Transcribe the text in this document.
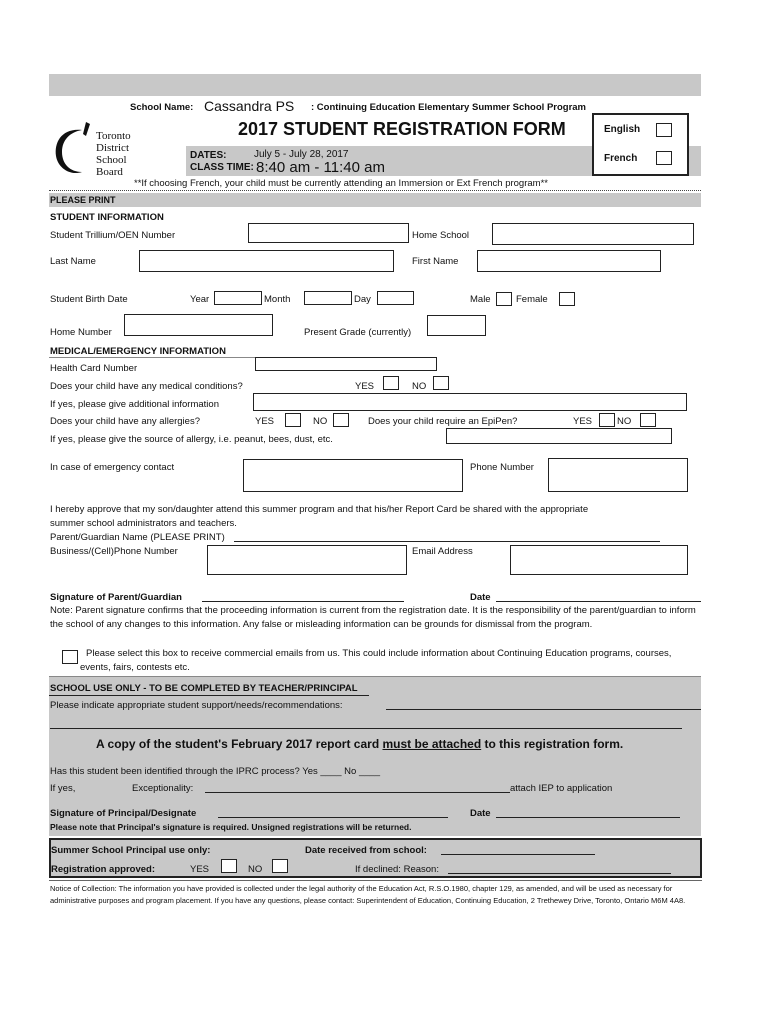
Toronto
District
School
Board
School Name: Cassandra PS : Continuing Education Elementary Summer School Program
2017 STUDENT REGISTRATION FORM
DATES:	July 5 - July 28, 2017
CLASS TIME: 8:40 am - 11:40 am
**If choosing French, your child must be currently attending an Immersion or Ext French program**
English
French
PLEASE PRINT
STUDENT INFORMATION
Student Trillium/OEN Number	Home School
Last Name	First Name
Student Birth Date	Year	Month	Day	Male	Female
Home Number	Present Grade (currently)
MEDICAL/EMERGENCY INFORMATION
Health Card Number
Does your child have any medical conditions?	YES	NO
If yes, please give additional information
Does your child have any allergies?	YES	NO	Does your child require an EpiPen?	YES	NO
If yes, please give the source of allergy, i.e. peanut, bees, dust, etc.
In case of emergency contact	Phone Number
I hereby approve that my son/daughter attend this summer program and that his/her Report Card be shared with the appropriate
summer school administrators and teachers.
Parent/Guardian Name (PLEASE PRINT)
Business/(Cell)Phone Number	Email Address
Signature of Parent/Guardian	Date
Note: Parent signature confirms that the proceeding information is current from the registration date. It is the responsibility of the parent/guardian to inform the school of any changes to this information. Any false or misleading information can be grounds for dismissal from the program.
Please select this box to receive commercial emails from us. This could include information about Continuing Education programs, courses, events, fairs, contests etc.
SCHOOL USE ONLY - TO BE COMPLETED BY TEACHER/PRINCIPAL
Please indicate appropriate student support/needs/recommendations:
A copy of the student's February 2017 report card must be attached to this registration form.
Has this student been identified through the IPRC process? Yes ____ No ____
If yes,	Exceptionality:	attach IEP to application
Signature of Principal/Designate	Date
Please note that Principal's signature is required. Unsigned registrations will be returned.
Summer School Principal use only:	Date received from school:
Registration approved:	YES	NO	If declined: Reason:
Notice of Collection: The information you have provided is collected under the legal authority of the Education Act, R.S.O.1980, chapter 129, as amended, and will be used as necessary for administrative purposes and program placement. If you have any questions, please contact: Superintendent of Education, Continuing Education, 2 Trethewey Drive, Toronto, Ontario M6M 4A8.
